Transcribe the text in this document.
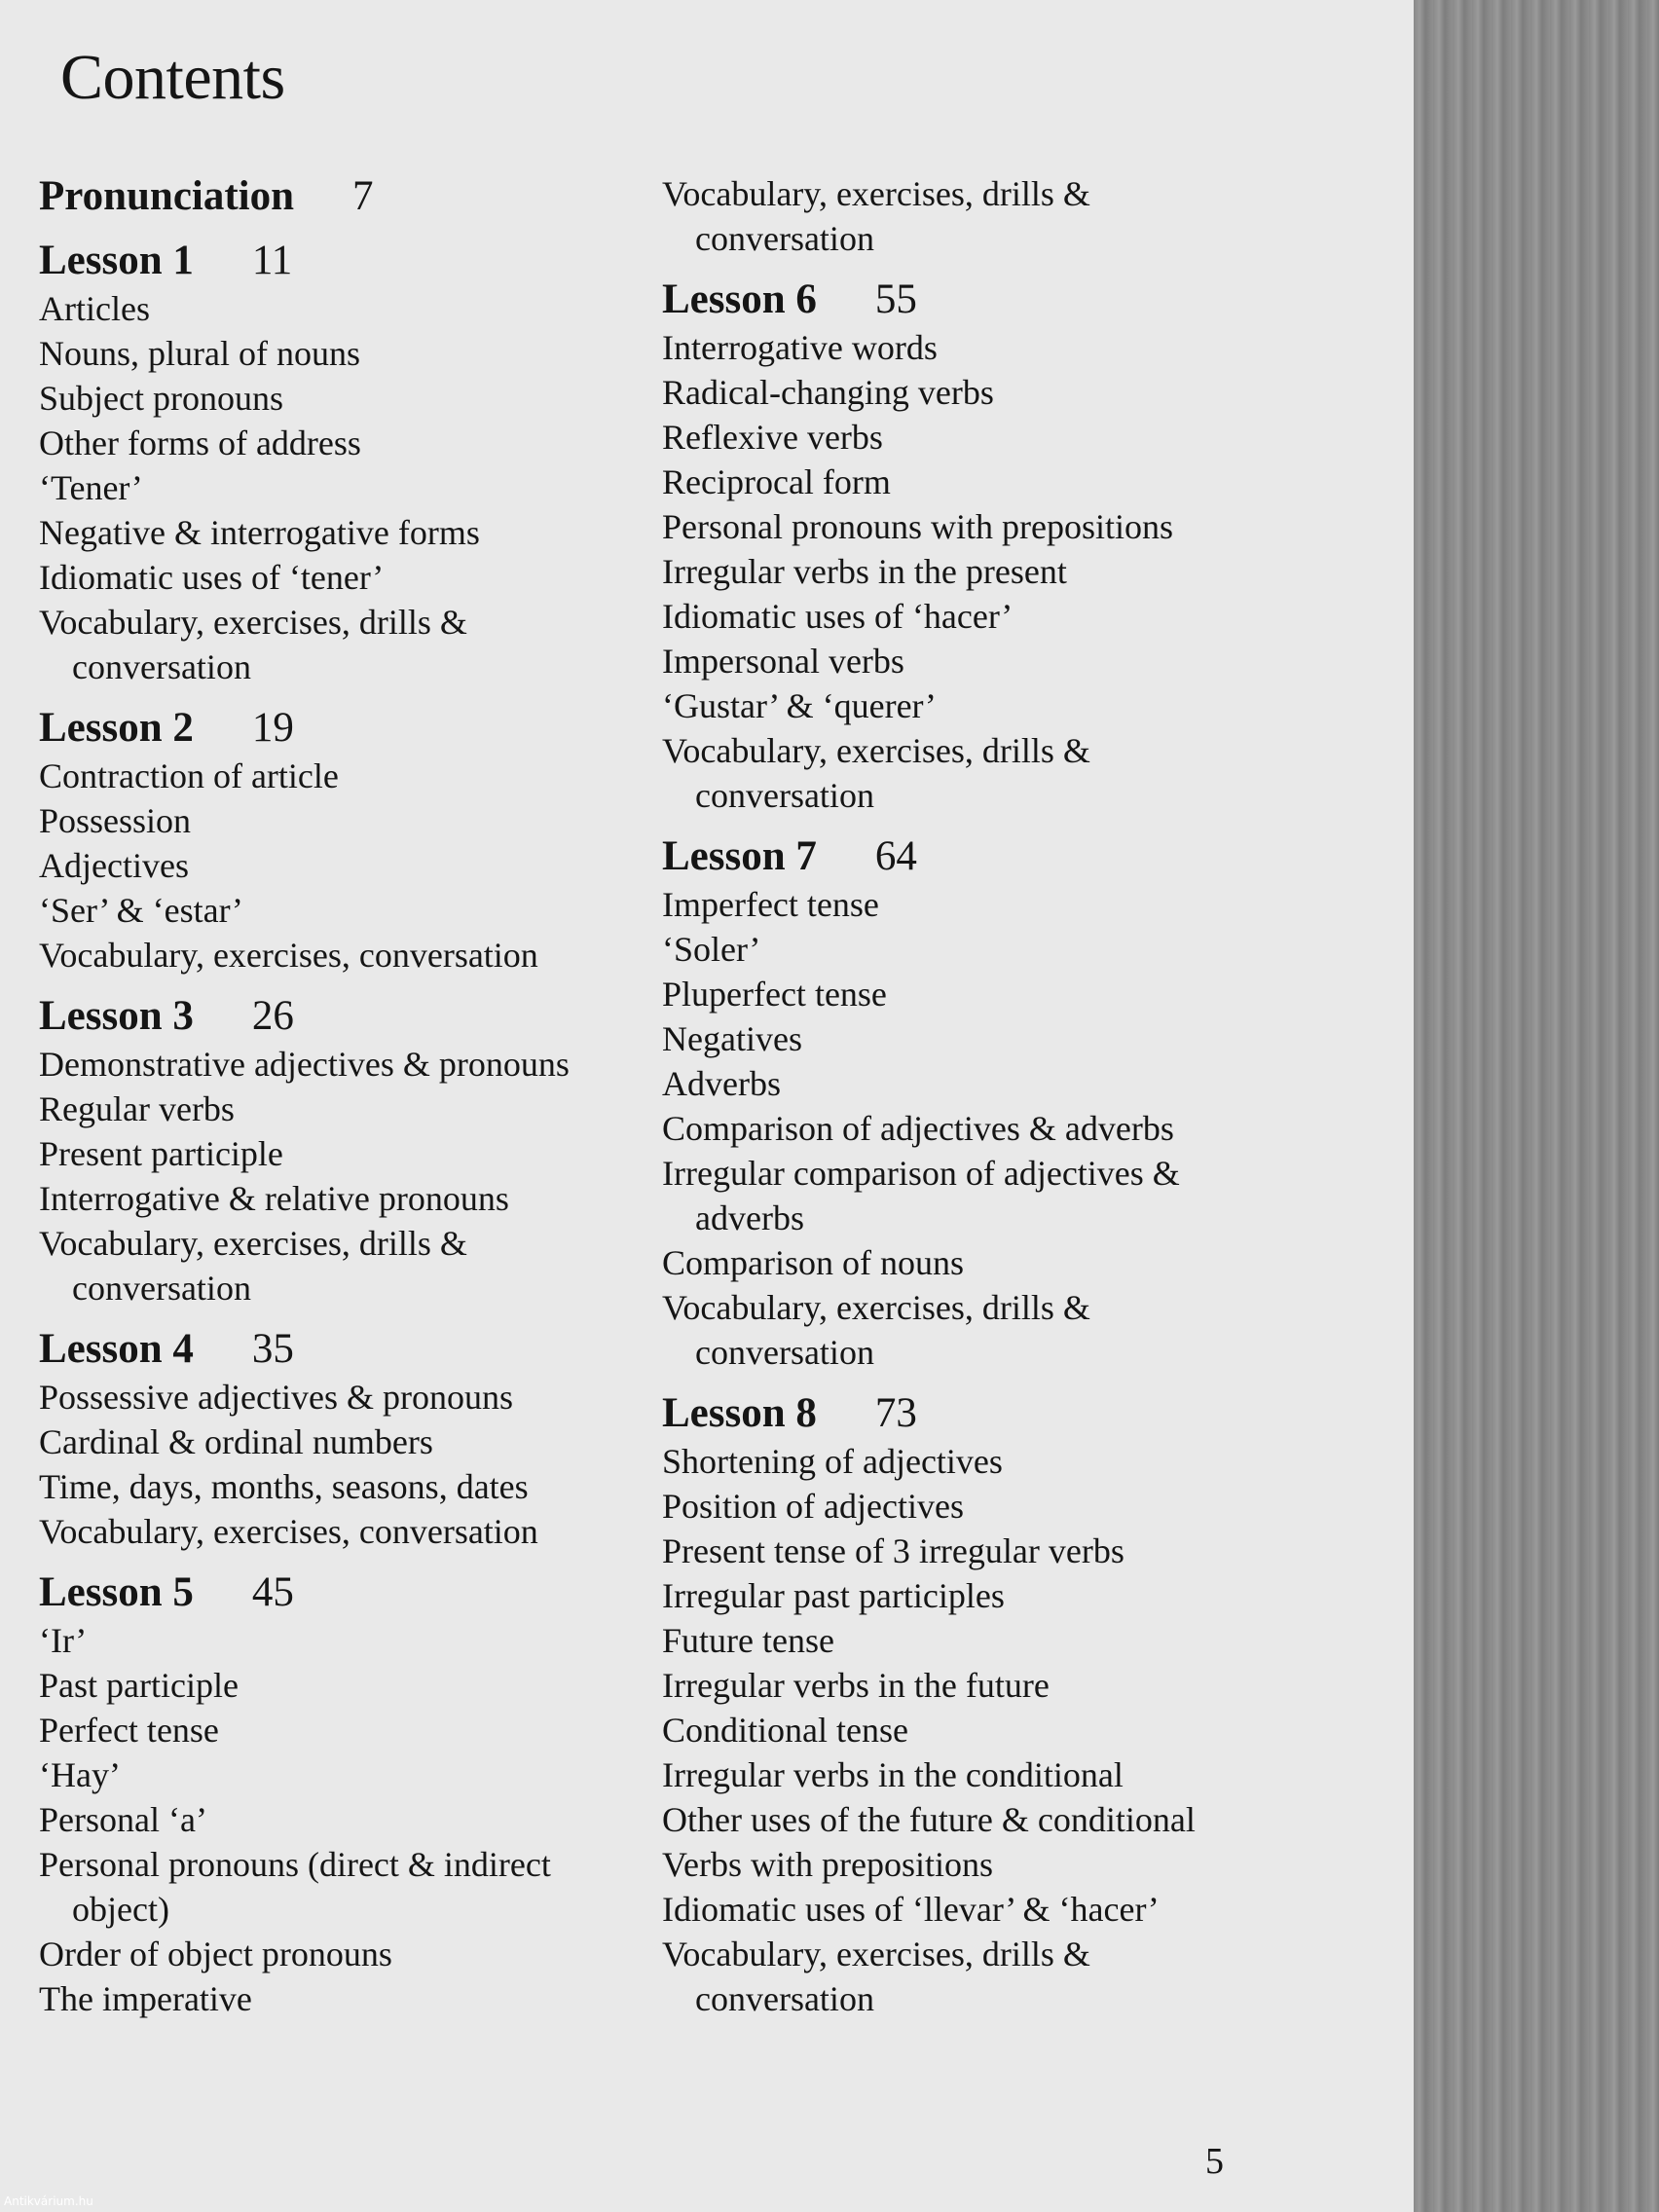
Contents
Pronunciation 7
Lesson 1 11
Articles
Nouns, plural of nouns
Subject pronouns
Other forms of address
‘Tener’
Negative & interrogative forms
Idiomatic uses of ‘tener’
Vocabulary, exercises, drills & conversation
Lesson 2 19
Contraction of article
Possession
Adjectives
‘Ser’ & ‘estar’
Vocabulary, exercises, conversation
Lesson 3 26
Demonstrative adjectives & pronouns
Regular verbs
Present participle
Interrogative & relative pronouns
Vocabulary, exercises, drills & conversation
Lesson 4 35
Possessive adjectives & pronouns
Cardinal & ordinal numbers
Time, days, months, seasons, dates
Vocabulary, exercises, conversation
Lesson 5 45
‘Ir’
Past participle
Perfect tense
‘Hay’
Personal ‘a’
Personal pronouns (direct & indirect object)
Order of object pronouns
The imperative
Vocabulary, exercises, drills & conversation
Lesson 6 55
Interrogative words
Radical-changing verbs
Reflexive verbs
Reciprocal form
Personal pronouns with prepositions
Irregular verbs in the present
Idiomatic uses of ‘hacer’
Impersonal verbs
‘Gustar’ & ‘querer’
Vocabulary, exercises, drills & conversation
Lesson 7 64
Imperfect tense
‘Soler’
Pluperfect tense
Negatives
Adverbs
Comparison of adjectives & adverbs
Irregular comparison of adjectives & adverbs
Comparison of nouns
Vocabulary, exercises, drills & conversation
Lesson 8 73
Shortening of adjectives
Position of adjectives
Present tense of 3 irregular verbs
Irregular past participles
Future tense
Irregular verbs in the future
Conditional tense
Irregular verbs in the conditional
Other uses of the future & conditional
Verbs with prepositions
Idiomatic uses of ‘llevar’ & ‘hacer’
Vocabulary, exercises, drills & conversation
5
Antikvárium.hu
